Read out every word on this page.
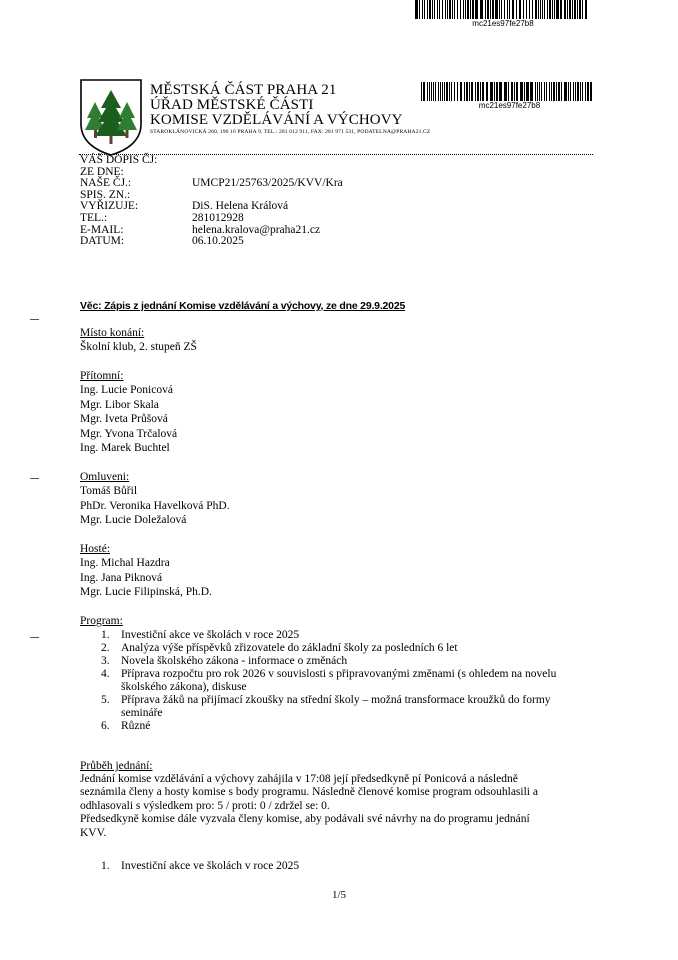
mc21es97fe27b8
MĚSTSKÁ ČÁST PRAHA 21
ÚŘAD MĚSTSKÉ ČÁSTI
KOMISE VZDĚLÁVÁNÍ A VÝCHOVY
STAROKLÁNOVICKÁ 260, 190 16 PRAHA 9, TEL.: 281 012 911, FAX: 281 971 531, PODATELNA@PRAHA21.CZ
mc21es97fe27b8
VÁŠ DOPIS ČJ:
ZE DNE:
NAŠE ČJ.:	UMCP21/25763/2025/KVV/Kra
SPIS. ZN.:
VYŘIZUJE:	DiS. Helena Králová
TEL.:	281012928
E-MAIL:	helena.kralova@praha21.cz
DATUM:	06.10.2025
Věc: Zápis z jednání Komise vzdělávání a výchovy, ze dne 29.9.2025
Místo konání:
Školní klub, 2. stupeň ZŠ
Přítomní:
Ing. Lucie Ponicová
Mgr. Libor Skala
Mgr. Iveta Průšová
Mgr. Yvona Trčalová
Ing. Marek Buchtel
Omluveni:
Tomáš Bůřil
PhDr. Veronika Havelková PhD.
Mgr. Lucie Doležalová
Hosté:
Ing. Michal Hazdra
Ing. Jana Piknová
Mgr. Lucie Filipinská, Ph.D.
Program:
1. Investiční akce ve školách v roce 2025
2. Analýza výše příspěvků zřizovatele do základní školy za posledních 6 let
3. Novela školského zákona - informace o změnách
4. Příprava rozpočtu pro rok 2026 v souvislosti s připravovanými změnami (s ohledem na novelu
školského zákona), diskuse
5. Příprava žáků na přijímací zkoušky na střední školy – možná transformace kroužků do formy
semináře
6. Různé
Průběh jednání:
Jednání komise vzdělávání a výchovy zahájila v 17:08 její předsedkyně pí Ponicová a následně
seznámila členy a hosty komise s body programu. Následně členové komise program odsouhlasili a
odhlasovali s výsledkem pro: 5 / proti: 0 / zdržel se: 0.
Předsedkyně komise dále vyzvala členy komise, aby podávali své návrhy na do programu jednání
KVV.
1. Investiční akce ve školách v roce 2025
1/5
